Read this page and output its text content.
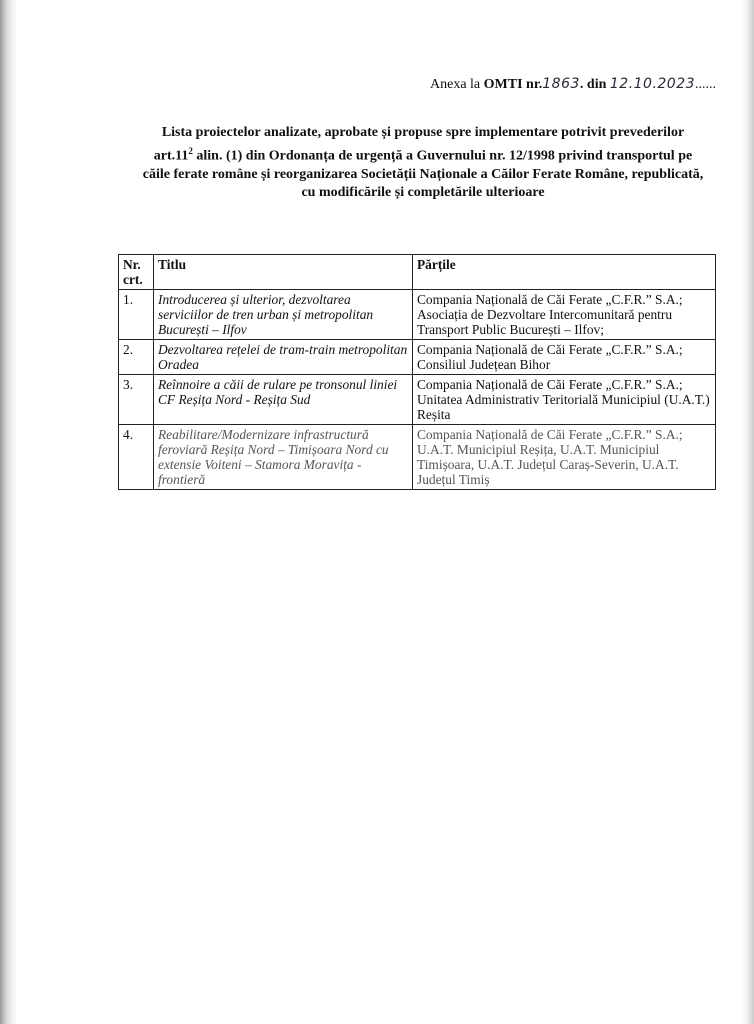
Anexa la OMTI nr.1863. din 12.10.2023......
Lista proiectelor analizate, aprobate și propuse spre implementare potrivit prevederilor
$art.11^2$ alin. (1) din Ordonanța de urgență a Guvernului nr. 12/1998 privind transportul pe
căile ferate române și reorganizarea Societății Naționale a Căilor Ferate Române, republicată,
cu modificările și completările ulterioare
Nr. crt.	Titlu	Părțile
1.	Introducerea și ulterior, dezvoltarea serviciilor de tren urban și metropolitan București – Ilfov	Compania Națională de Căi Ferate „C.F.R.” S.A.; Asociația de Dezvoltare Intercomunitară pentru Transport Public București – Ilfov;
2.	Dezvoltarea rețelei de tram-train metropolitan Oradea	Compania Națională de Căi Ferate „C.F.R.” S.A.; Consiliul Județean Bihor
3.	Reînnoire a căii de rulare pe tronsonul liniei CF Reșița Nord - Reșița Sud	Compania Națională de Căi Ferate „C.F.R.” S.A.; Unitatea Administrativ Teritorială Municipiul (U.A.T.) Reșita
4.	Reabilitare/Modernizare infrastructură feroviară Reșița Nord – Timișoara Nord cu extensie Voiteni – Stamora Moravița - frontieră	Compania Națională de Căi Ferate „C.F.R.” S.A.; U.A.T. Municipiul Reșița, U.A.T. Municipiul Timișoara, U.A.T. Județul Caraș-Severin, U.A.T. Județul Timiș
